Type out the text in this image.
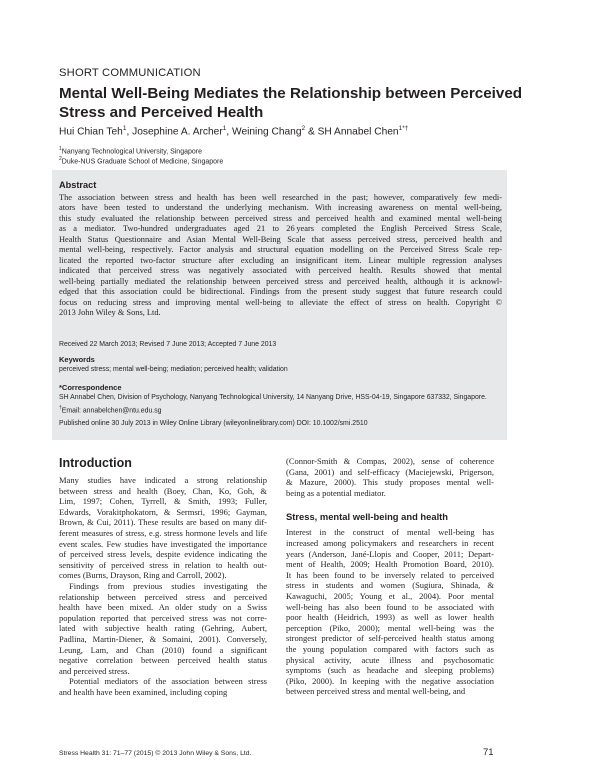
SHORT COMMUNICATION
Mental Well-Being Mediates the Relationship between Perceived Stress and Perceived Health
Hui Chian Teh$^1$, Josephine A. Archer$^1$, Weining Chang$^2$ & SH Annabel Chen$^{1*\dagger}$
$^1$Nanyang Technological University, Singapore
$^2$Duke-NUS Graduate School of Medicine, Singapore
Abstract
The association between stress and health has been well researched in the past; however, comparatively few medi-
ators have been tested to understand the underlying mechanism. With increasing awareness on mental well-being,
this study evaluated the relationship between perceived stress and perceived health and examined mental well-being
as a mediator. Two-hundred undergraduates aged 21 to 26 years completed the English Perceived Stress Scale,
Health Status Questionnaire and Asian Mental Well-Being Scale that assess perceived stress, perceived health and
mental well-being, respectively. Factor analysis and structural equation modelling on the Perceived Stress Scale rep-
licated the reported two-factor structure after excluding an insignificant item. Linear multiple regression analyses
indicated that perceived stress was negatively associated with perceived health. Results showed that mental
well-being partially mediated the relationship between perceived stress and perceived health, although it is acknowl-
edged that this association could be bidirectional. Findings from the present study suggest that future research could
focus on reducing stress and improving mental well-being to alleviate the effect of stress on health. Copyright ©
2013 John Wiley & Sons, Ltd.
Received 22 March 2013; Revised 7 June 2013; Accepted 7 June 2013
Keywords
perceived stress; mental well-being; mediation; perceived health; validation
*Correspondence
SH Annabel Chen, Division of Psychology, Nanyang Technological University, 14 Nanyang Drive, HSS-04-19, Singapore 637332, Singapore.
†Email: annabelchen@ntu.edu.sg
Published online 30 July 2013 in Wiley Online Library (wileyonlinelibrary.com) DOI: 10.1002/smi.2510
Introduction

Many studies have indicated a strong relationship
between stress and health (Boey, Chan, Ko, Goh, &
Lim, 1997; Cohen, Tyrrell, & Smith, 1993; Fuller,
Edwards, Vorakitphokatorn, & Sermsri, 1996; Gayman,
Brown, & Cui, 2011). These results are based on many dif-
ferent measures of stress, e.g. stress hormone levels and life
event scales. Few studies have investigated the importance
of perceived stress levels, despite evidence indicating the
sensitivity of perceived stress in relation to health out-
comes (Burns, Drayson, Ring and Carroll, 2002).

Findings from previous studies investigating the
relationship between perceived stress and perceived
health have been mixed. An older study on a Swiss
population reported that perceived stress was not corre-
lated with subjective health rating (Gehring, Aubert,
Padlina, Martin-Diener, & Somaini, 2001). Conversely,
Leung, Lam, and Chan (2010) found a significant
negative correlation between perceived health status
and perceived stress.

Potential mediators of the association between stress
and health have been examined, including coping

(Connor-Smith & Compas, 2002), sense of coherence
(Gana, 2001) and self-efficacy (Maciejewski, Prigerson,
& Mazure, 2000). This study proposes mental well-
being as a potential mediator.

Stress, mental well-being and health

Interest in the construct of mental well-being has
increased among policymakers and researchers in recent
years (Anderson, Jané-Llopis and Cooper, 2011; Depart-
ment of Health, 2009; Health Promotion Board, 2010).
It has been found to be inversely related to perceived
stress in students and women (Sugiura, Shinada, &
Kawaguchi, 2005; Young et al., 2004). Poor mental
well-being has also been found to be associated with
poor health (Heidrich, 1993) as well as lower health
perception (Piko, 2000); mental well-being was the
strongest predictor of self-perceived health status among
the young population compared with factors such as
physical activity, acute illness and psychosomatic
symptoms (such as headache and sleeping problems)
(Piko, 2000). In keeping with the negative association
between perceived stress and mental well-being, and

Stress Health 31: 71–77 (2015) © 2013 John Wiley & Sons, Ltd.	71
